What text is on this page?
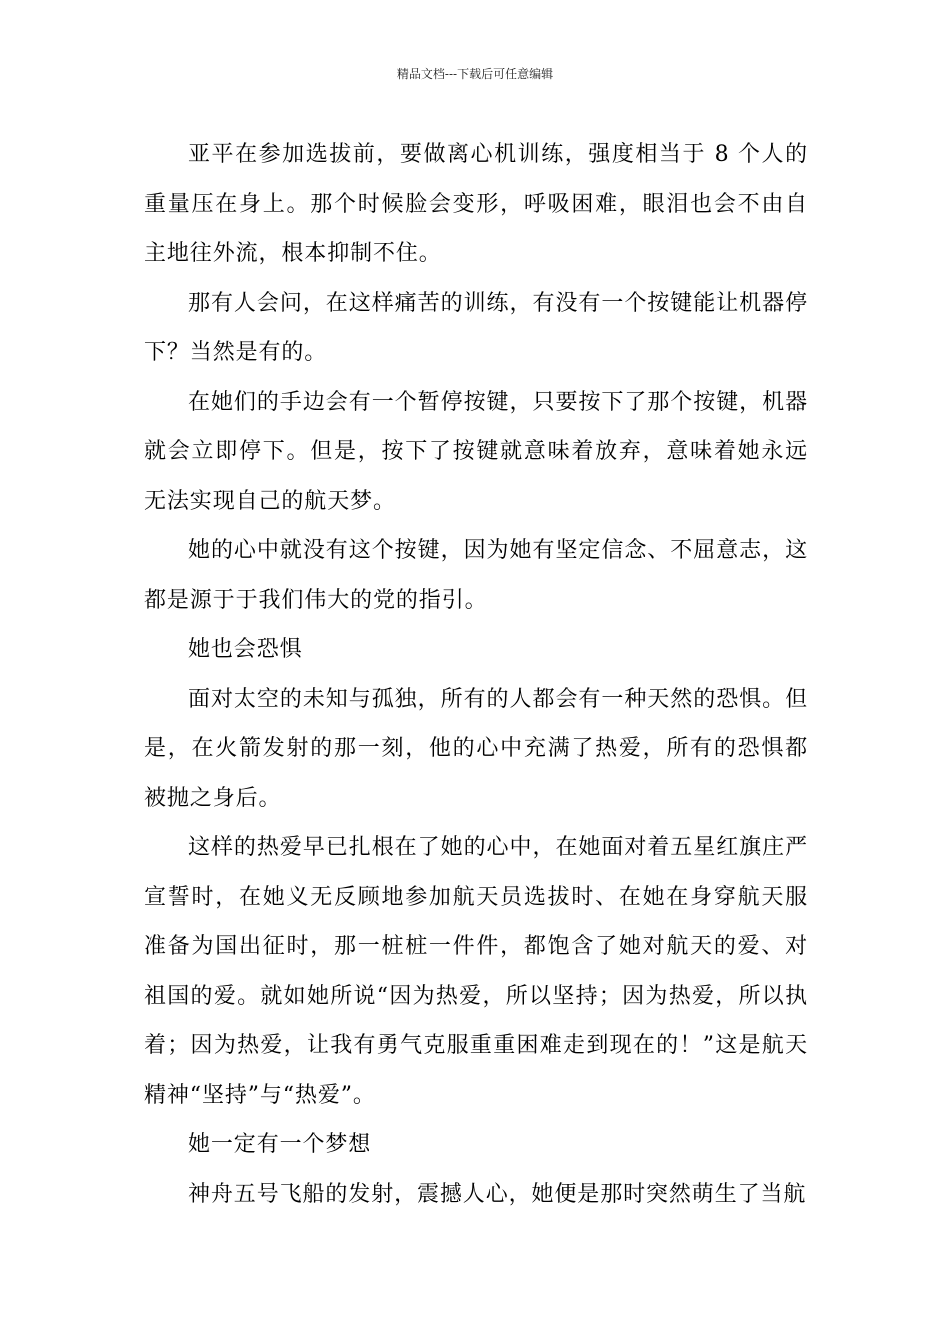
精品文档---下载后可任意编辑

亚平在参加选拔前，要做离心机训练，强度相当于 8 个人的重量压在身上。那个时候脸会变形，呼吸困难，眼泪也会不由自主地往外流，根本抑制不住。

那有人会问，在这样痛苦的训练，有没有一个按键能让机器停下？当然是有的。

在她们的手边会有一个暂停按键，只要按下了那个按键，机器就会立即停下。但是，按下了按键就意味着放弃，意味着她永远无法实现自己的航天梦。

她的心中就没有这个按键，因为她有坚定信念、不屈意志，这都是源于于我们伟大的党的指引。

她也会恐惧

面对太空的未知与孤独，所有的人都会有一种天然的恐惧。但是，在火箭发射的那一刻，他的心中充满了热爱，所有的恐惧都被抛之身后。

这样的热爱早已扎根在了她的心中，在她面对着五星红旗庄严宣誓时，在她义无反顾地参加航天员选拔时、在她在身穿航天服准备为国出征时，那一桩桩一件件，都饱含了她对航天的爱、对祖国的爱。就如她所说“因为热爱，所以坚持；因为热爱，所以执着；因为热爱，让我有勇气克服重重困难走到现在的！”这是航天精神“坚持”与“热爱”。

她一定有一个梦想

神舟五号飞船的发射，震撼人心，她便是那时突然萌生了当航
